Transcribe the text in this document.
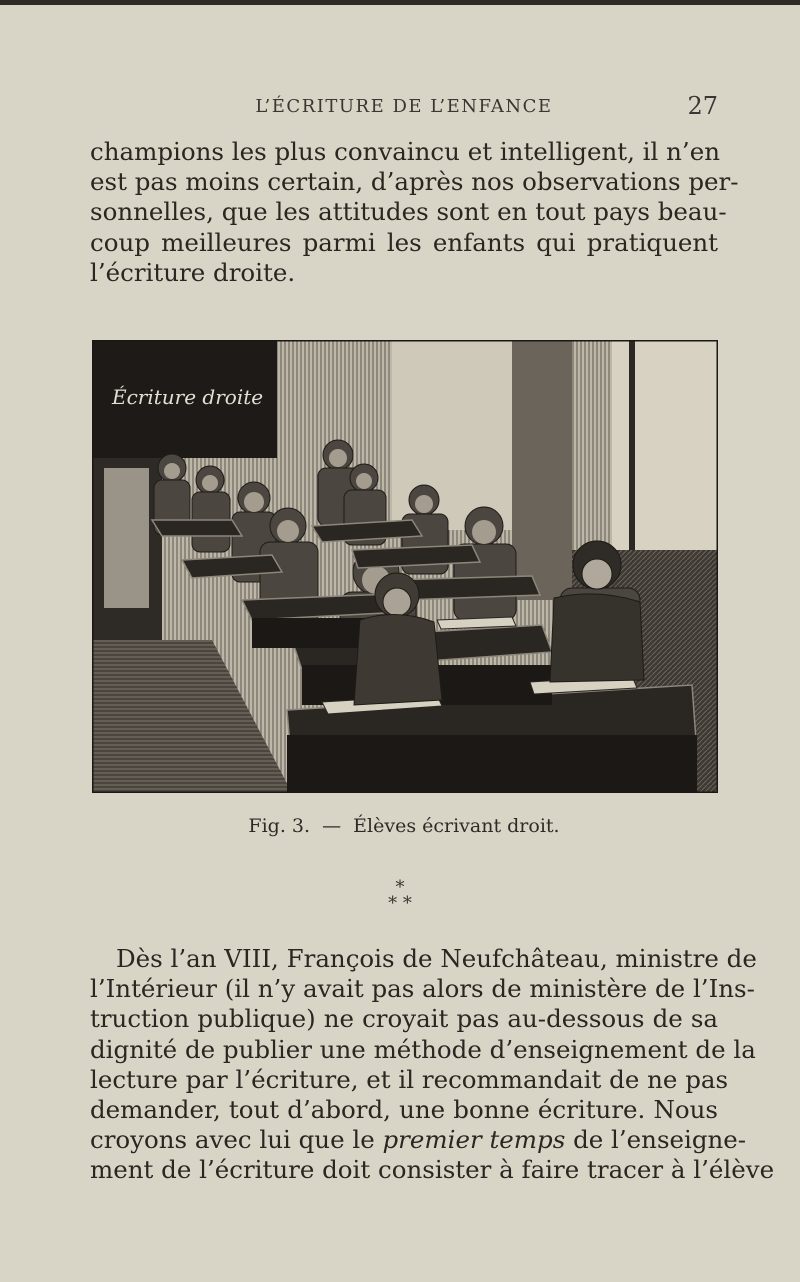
L’ÉCRITURE DE L’ENFANCE	27
champions les plus convaincu et intelligent, il n’en
est pas moins certain, d’après nos observations per-
sonnelles, que les attitudes sont en tout pays beau-
coup meilleures parmi les enfants qui pratiquent
l’écriture droite.
Écriture droite
Fig. 3. — Élèves écrivant droit.
*
* *
Dès l’an VIII, François de Neufchâteau, ministre de
l’Intérieur (il n’y avait pas alors de ministère de l’Ins-
truction publique) ne croyait pas au-dessous de sa
dignité de publier une méthode d’enseignement de la
lecture par l’écriture, et il recommandait de ne pas
demander, tout d’abord, une bonne écriture. Nous
croyons avec lui que le premier temps de l’enseigne-
ment de l’écriture doit consister à faire tracer à l’élève
